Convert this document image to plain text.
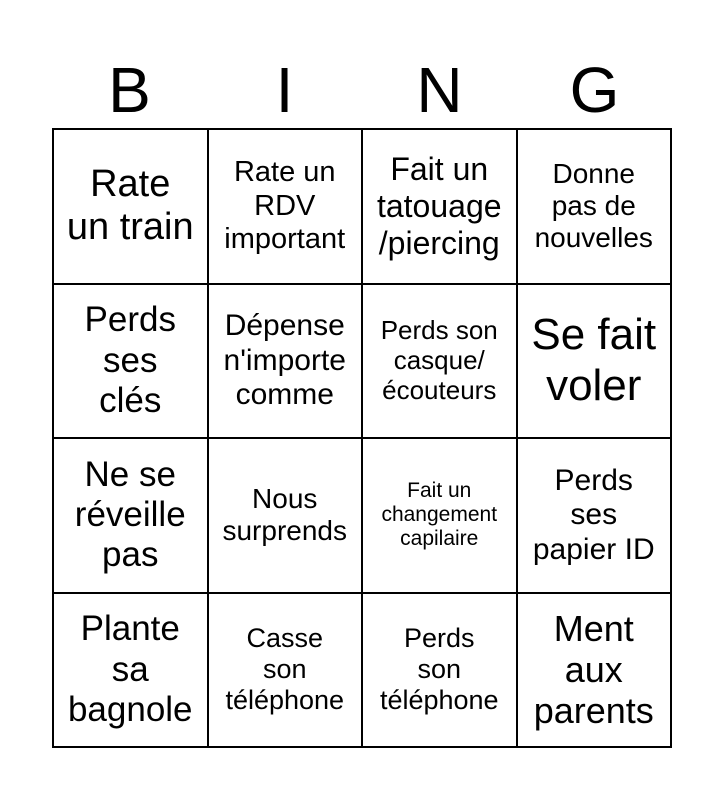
B	I	N	G
Rate
un train
Rate un
RDV
important
Fait un
tatouage
/piercing
Donne
pas de
nouvelles
Perds
ses
clés
Dépense
n'importe
comme
Perds son
casque/
écouteurs
Se fait
voler
Ne se
réveille
pas
Nous
surprends
Fait un
changement
capilaire
Perds
ses
papier ID
Plante
sa
bagnole
Casse
son
téléphone
Perds
son
téléphone
Ment
aux
parents
